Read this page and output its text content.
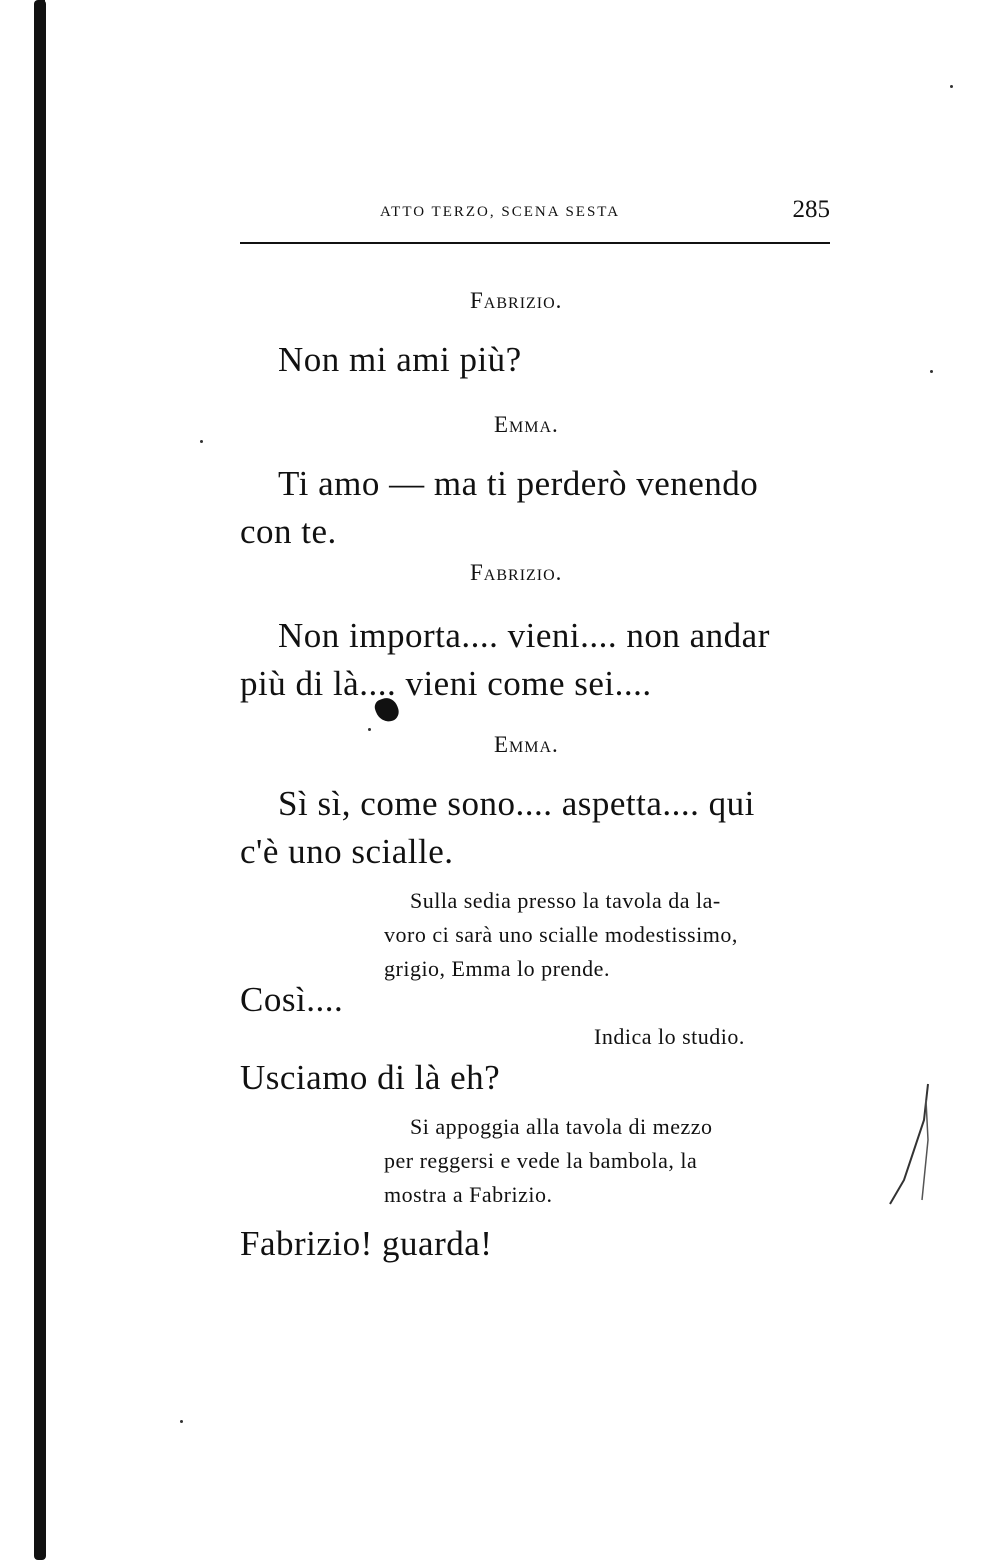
ATTO TERZO, SCENA SESTA	285
Fabrizio.
Non mi ami più?
Emma.
Ti amo — ma ti perderò venendo
con te.
Fabrizio.
Non importa.... vieni.... non andar
più di là.... vieni come sei....
Emma.
Sì sì, come sono.... aspetta.... qui
c'è uno scialle.
Sulla sedia presso la tavola da la-
voro ci sarà uno scialle modestissimo,
grigio, Emma lo prende.
Così....
Indica lo studio.
Usciamo di là eh?
Si appoggia alla tavola di mezzo
per reggersi e vede la bambola, la
mostra a Fabrizio.
Fabrizio! guarda!
